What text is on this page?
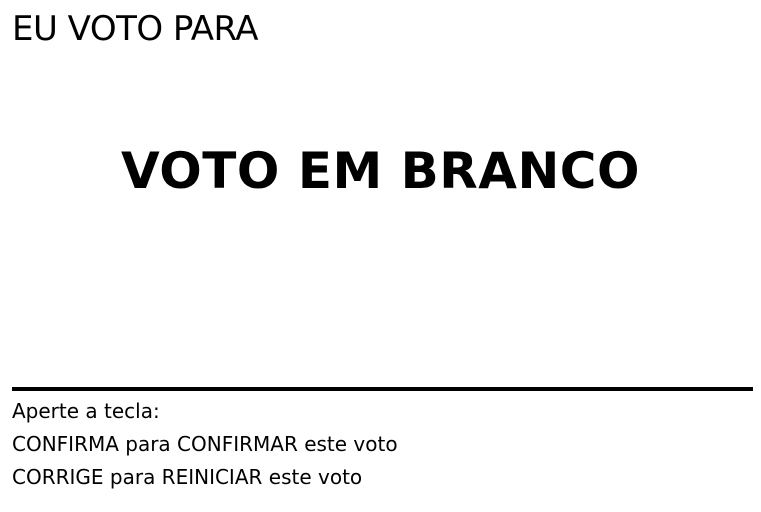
EU VOTO PARA
VOTO EM BRANCO
Aperte a tecla:
CONFIRMA para CONFIRMAR este voto
CORRIGE para REINICIAR este voto
